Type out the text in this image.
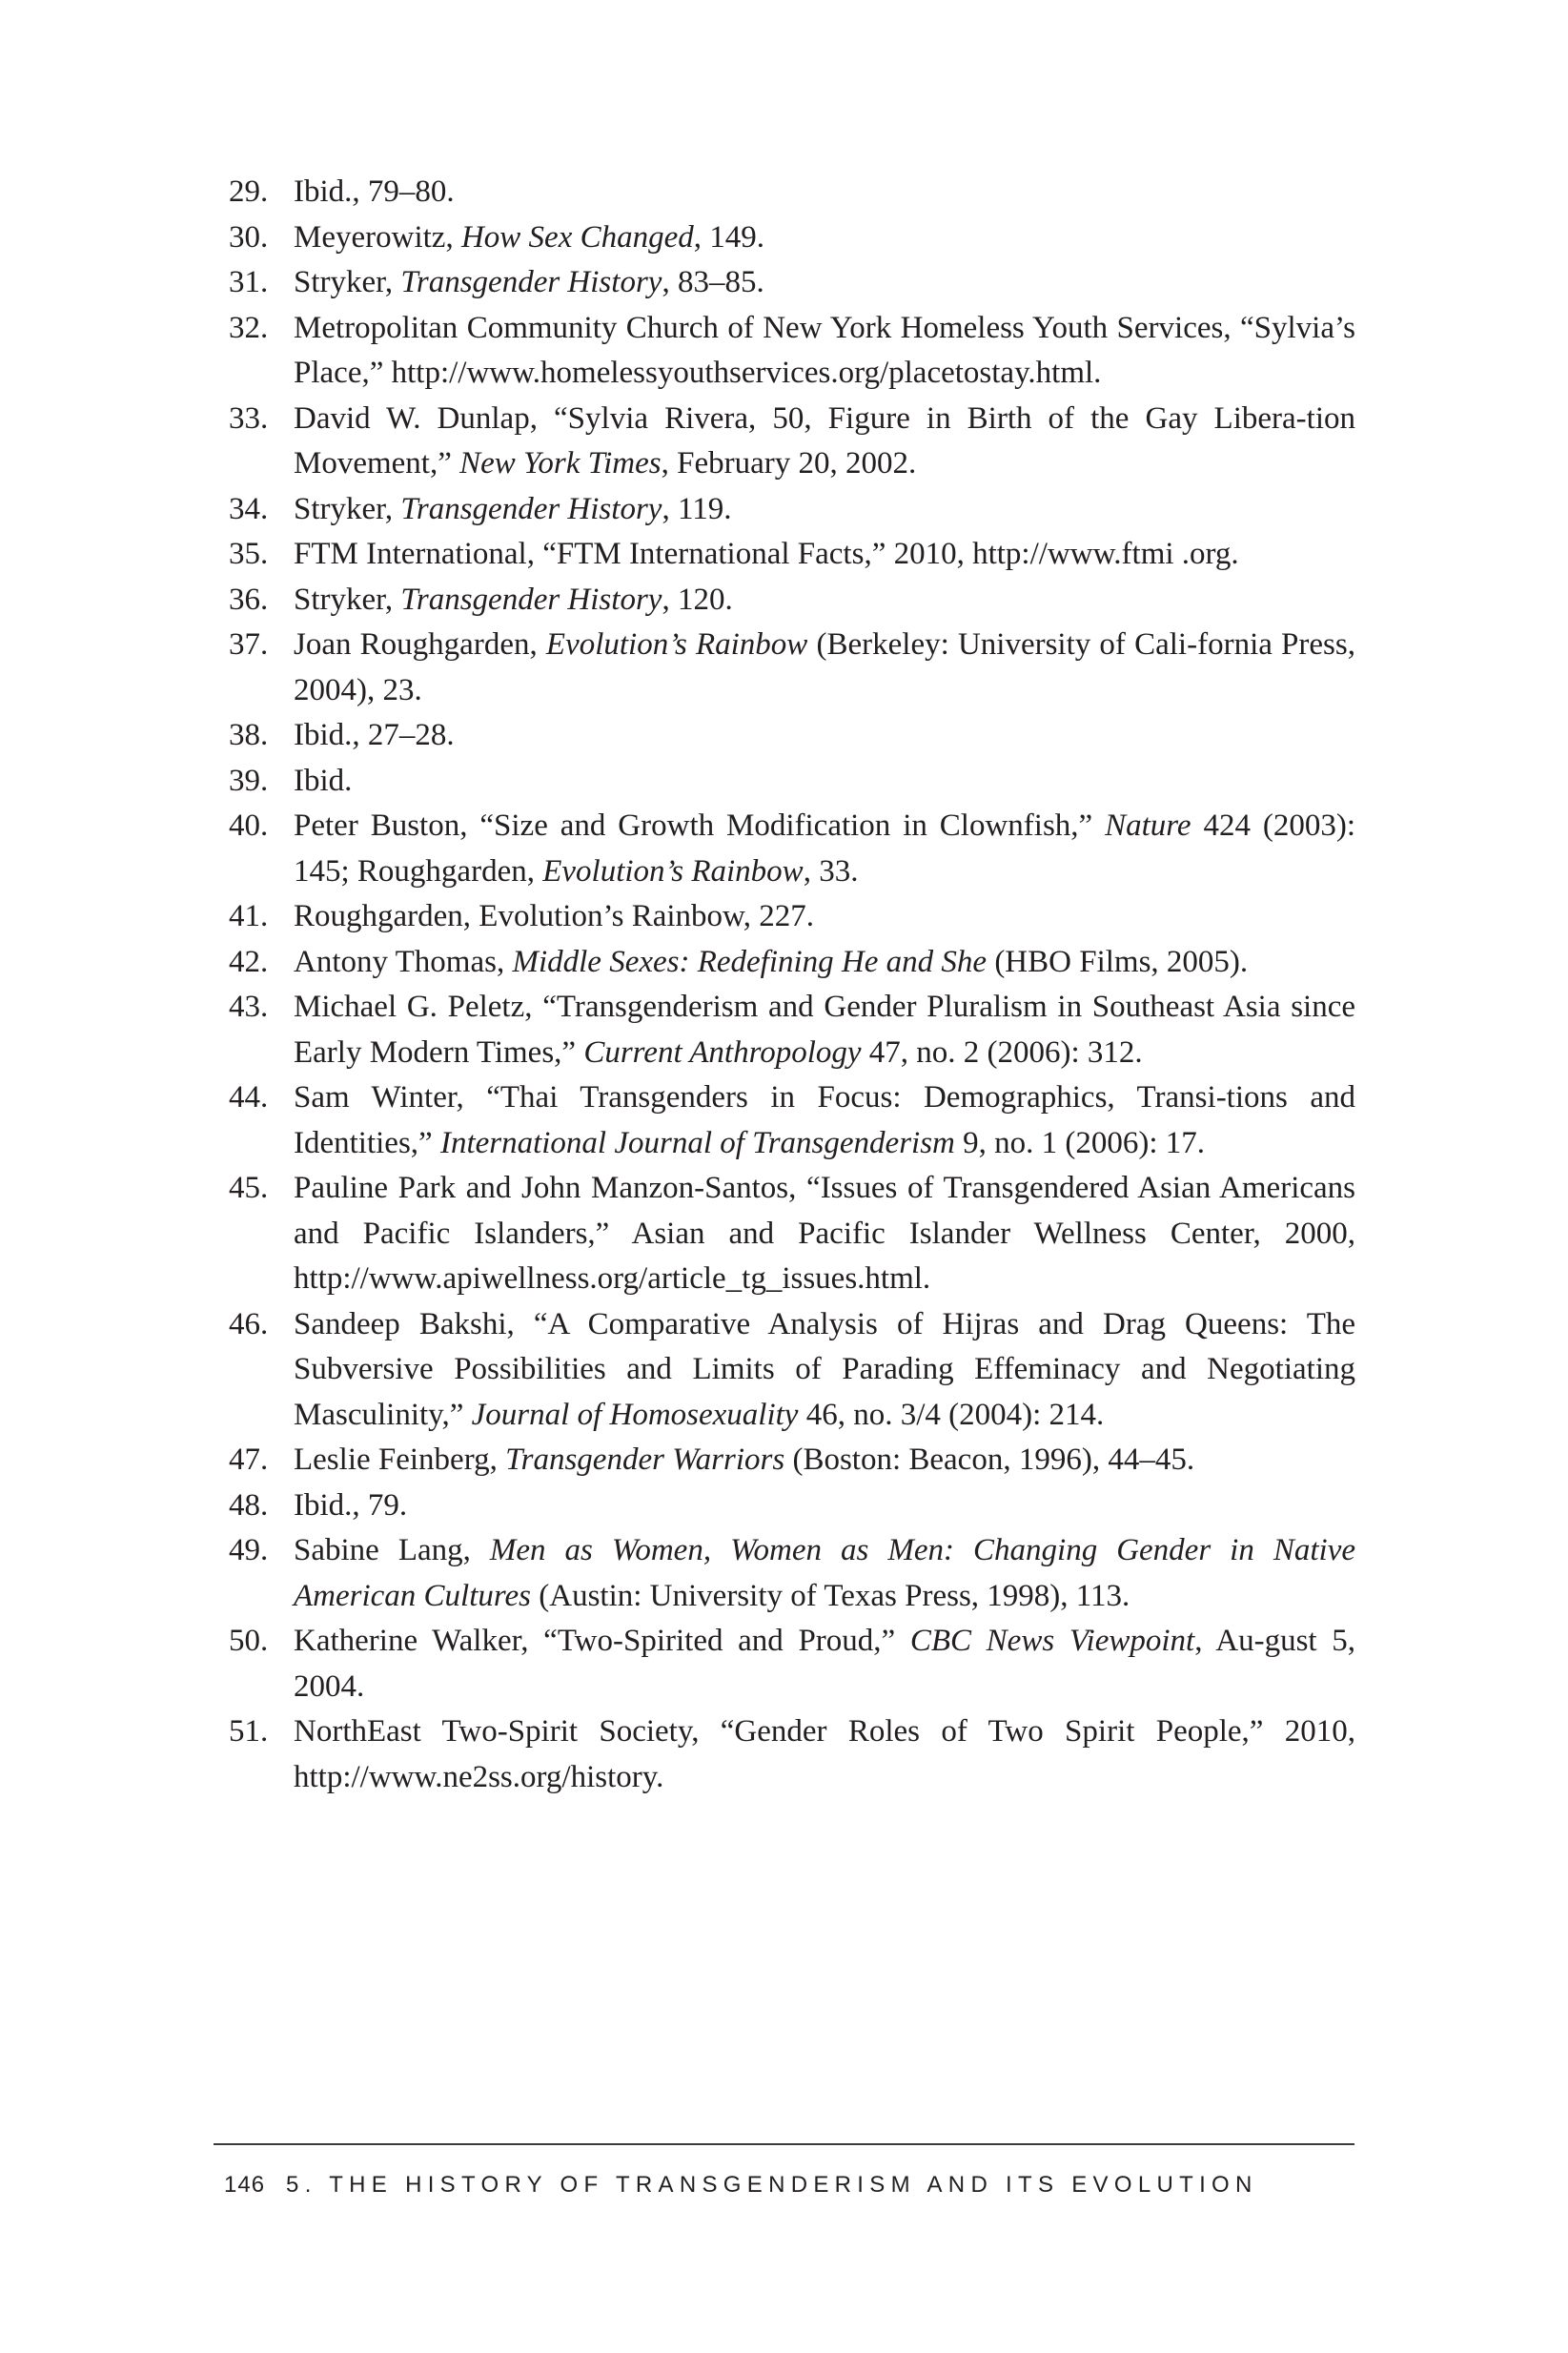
29. Ibid., 79–80.
30. Meyerowitz, How Sex Changed, 149.
31. Stryker, Transgender History, 83–85.
32. Metropolitan Community Church of New York Homeless Youth Services, “Sylvia’s Place,” http://www.homelessyouthservices.org/placetostay.html.
33. David W. Dunlap, “Sylvia Rivera, 50, Figure in Birth of the Gay Libera-tion Movement,” New York Times, February 20, 2002.
34. Stryker, Transgender History, 119.
35. FTM International, “FTM International Facts,” 2010, http://www.ftmi .org.
36. Stryker, Transgender History, 120.
37. Joan Roughgarden, Evolution’s Rainbow (Berkeley: University of Cali-fornia Press, 2004), 23.
38. Ibid., 27–28.
39. Ibid.
40. Peter Buston, “Size and Growth Modification in Clownfish,” Nature 424 (2003): 145; Roughgarden, Evolution’s Rainbow, 33.
41. Roughgarden, Evolution’s Rainbow, 227.
42. Antony Thomas, Middle Sexes: Redefining He and She (HBO Films, 2005).
43. Michael G. Peletz, “Transgenderism and Gender Pluralism in Southeast Asia since Early Modern Times,” Current Anthropology 47, no. 2 (2006): 312.
44. Sam Winter, “Thai Transgenders in Focus: Demographics, Transi-tions and Identities,” International Journal of Transgenderism 9, no. 1 (2006): 17.
45. Pauline Park and John Manzon-Santos, “Issues of Transgendered Asian Americans and Pacific Islanders,” Asian and Pacific Islander Wellness Center, 2000, http://www.apiwellness.org/article_tg_issues.html.
46. Sandeep Bakshi, “A Comparative Analysis of Hijras and Drag Queens: The Subversive Possibilities and Limits of Parading Effeminacy and Negotiating Masculinity,” Journal of Homosexuality 46, no. 3/4 (2004): 214.
47. Leslie Feinberg, Transgender Warriors (Boston: Beacon, 1996), 44–45.
48. Ibid., 79.
49. Sabine Lang, Men as Women, Women as Men: Changing Gender in Native American Cultures (Austin: University of Texas Press, 1998), 113.
50. Katherine Walker, “Two-Spirited and Proud,” CBC News Viewpoint, Au-gust 5, 2004.
51. NorthEast Two-Spirit Society, “Gender Roles of Two Spirit People,” 2010, http://www.ne2ss.org/history.
146 5. THE HISTORY OF TRANSGENDERISM AND ITS EVOLUTION
